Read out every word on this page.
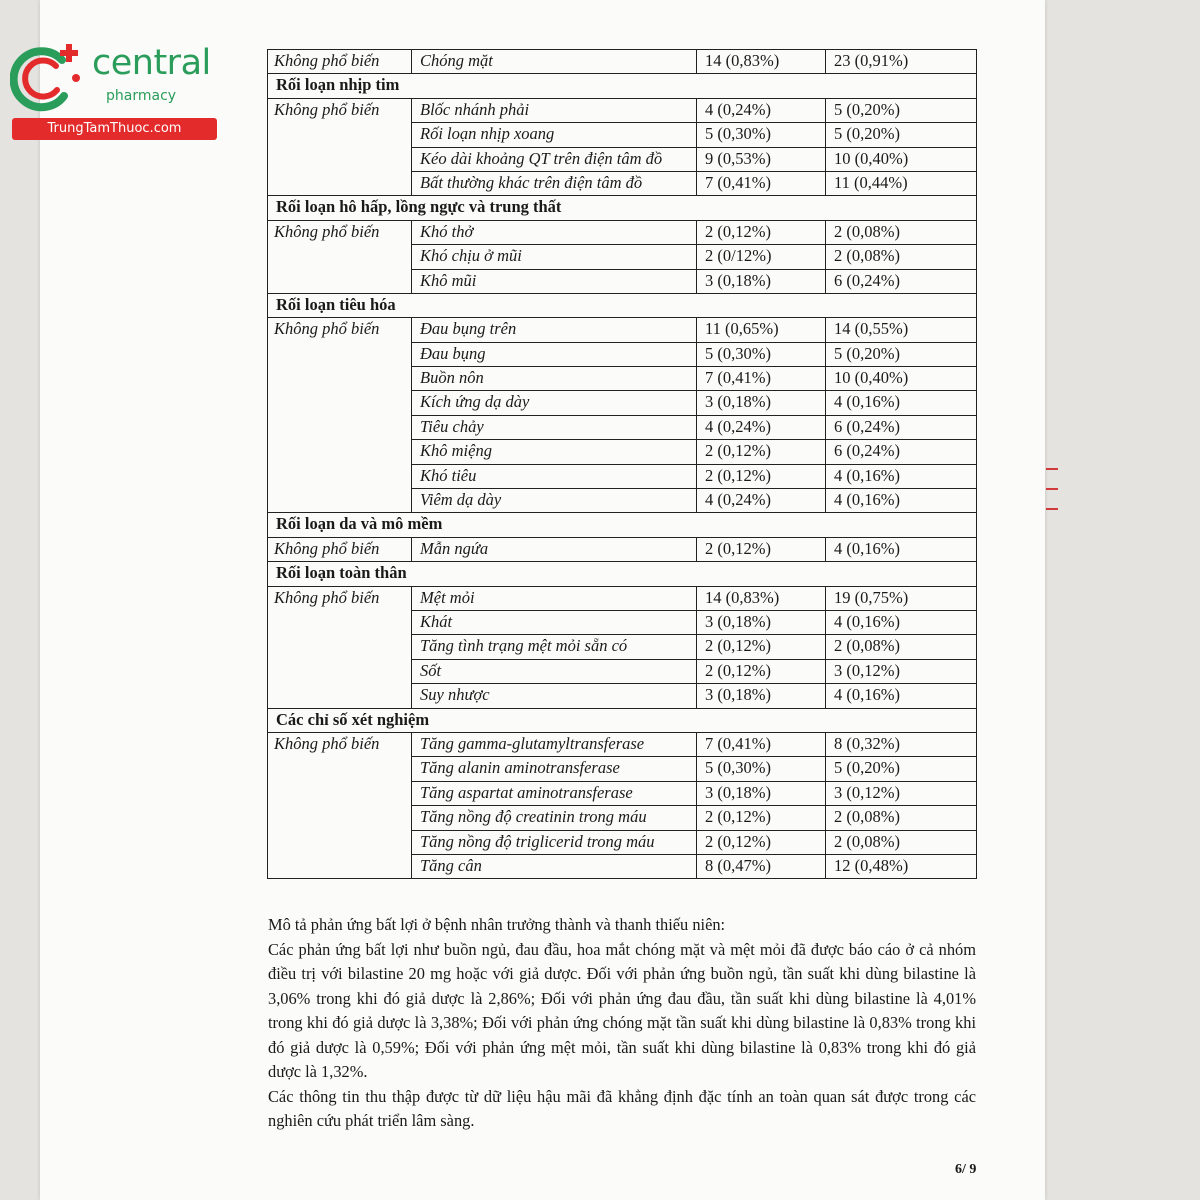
central
pharmacy
TrungTamThuoc.com
Không phổ biến	Chóng mặt	14 (0,83%)	23 (0,91%)
Rối loạn nhịp tim			
Không phổ biến	Blốc nhánh phải	4 (0,24%)	5 (0,20%)
	Rối loạn nhịp xoang	5 (0,30%)	5 (0,20%)
	Kéo dài khoảng QT trên điện tâm đồ	9 (0,53%)	10 (0,40%)
	Bất thường khác trên điện tâm đồ	7 (0,41%)	11 (0,44%)
Rối loạn hô hấp, lồng ngực và trung thất			
Không phổ biến	Khó thở	2 (0,12%)	2 (0,08%)
	Khó chịu ở mũi	2 (0/12%)	2 (0,08%)
	Khô mũi	3 (0,18%)	6 (0,24%)
Rối loạn tiêu hóa			
Không phổ biến	Đau bụng trên	11 (0,65%)	14 (0,55%)
	Đau bụng	5 (0,30%)	5 (0,20%)
	Buồn nôn	7 (0,41%)	10 (0,40%)
	Kích ứng dạ dày	3 (0,18%)	4 (0,16%)
	Tiêu chảy	4 (0,24%)	6 (0,24%)
	Khô miệng	2 (0,12%)	6 (0,24%)
	Khó tiêu	2 (0,12%)	4 (0,16%)
	Viêm dạ dày	4 (0,24%)	4 (0,16%)
Rối loạn da và mô mềm			
Không phổ biến	Mẫn ngứa	2 (0,12%)	4 (0,16%)
Rối loạn toàn thân			
Không phổ biến	Mệt mỏi	14 (0,83%)	19 (0,75%)
	Khát	3 (0,18%)	4 (0,16%)
	Tăng tình trạng mệt mỏi sẵn có	2 (0,12%)	2 (0,08%)
	Sốt	2 (0,12%)	3 (0,12%)
	Suy nhược	3 (0,18%)	4 (0,16%)
Các chỉ số xét nghiệm			
Không phổ biến	Tăng gamma-glutamyltransferase	7 (0,41%)	8 (0,32%)
	Tăng alanin aminotransferase	5 (0,30%)	5 (0,20%)
	Tăng aspartat aminotransferase	3 (0,18%)	3 (0,12%)
	Tăng nồng độ creatinin trong máu	2 (0,12%)	2 (0,08%)
	Tăng nồng độ triglicerid trong máu	2 (0,12%)	2 (0,08%)
	Tăng cân	8 (0,47%)	12 (0,48%)

Mô tả phản ứng bất lợi ở bệnh nhân trưởng thành và thanh thiếu niên:

Các phản ứng bất lợi như buồn ngủ, đau đầu, hoa mắt chóng mặt và mệt mỏi đã được báo cáo ở cả nhóm điều trị với bilastine 20 mg hoặc với giả dược. Đối với phản ứng buồn ngủ, tần suất khi dùng bilastine là 3,06% trong khi đó giả dược là 2,86%; Đối với phản ứng đau đầu, tần suất khi dùng bilastine là 4,01% trong khi đó giả dược là 3,38%; Đối với phản ứng chóng mặt tần suất khi dùng bilastine là 0,83% trong khi đó giả dược là 0,59%; Đối với phản ứng mệt mỏi, tần suất khi dùng bilastine là 0,83% trong khi đó giả dược là 1,32%.

Các thông tin thu thập được từ dữ liệu hậu mãi đã khẳng định đặc tính an toàn quan sát được trong các nghiên cứu phát triển lâm sàng.

6/ 9
